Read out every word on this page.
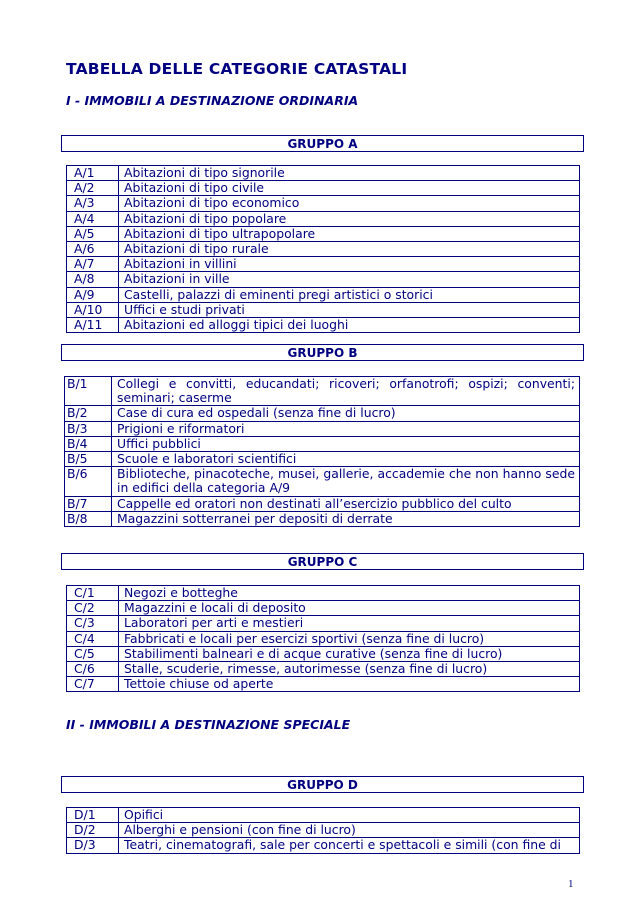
TABELLA DELLE CATEGORIE CATASTALI
I - IMMOBILI A DESTINAZIONE ORDINARIA
GRUPPO A
A/1	Abitazioni di tipo signorile
A/2	Abitazioni di tipo civile
A/3	Abitazioni di tipo economico
A/4	Abitazioni di tipo popolare
A/5	Abitazioni di tipo ultrapopolare
A/6	Abitazioni di tipo rurale
A/7	Abitazioni in villini
A/8	Abitazioni in ville
A/9	Castelli, palazzi di eminenti pregi artistici o storici
A/10	Uffici e studi privati
A/11	Abitazioni ed alloggi tipici dei luoghi
GRUPPO B
B/1	Collegi e convitti, educandati; ricoveri; orfanotrofi; ospizi; conventi; seminari; caserme
B/2	Case di cura ed ospedali (senza fine di lucro)
B/3	Prigioni e riformatori
B/4	Uffici pubblici
B/5	Scuole e laboratori scientifici
B/6	Biblioteche, pinacoteche, musei, gallerie, accademie che non hanno sede in edifici della categoria A/9
B/7	Cappelle ed oratori non destinati all’esercizio pubblico del culto
B/8	Magazzini sotterranei per depositi di derrate
GRUPPO C
C/1	Negozi e botteghe
C/2	Magazzini e locali di deposito
C/3	Laboratori per arti e mestieri
C/4	Fabbricati e locali per esercizi sportivi (senza fine di lucro)
C/5	Stabilimenti balneari e di acque curative (senza fine di lucro)
C/6	Stalle, scuderie, rimesse, autorimesse (senza fine di lucro)
C/7	Tettoie chiuse od aperte
II - IMMOBILI A DESTINAZIONE SPECIALE
GRUPPO D
D/1	Opifici
D/2	Alberghi e pensioni (con fine di lucro)
D/3	Teatri, cinematografi, sale per concerti e spettacoli e simili (con fine di
1
